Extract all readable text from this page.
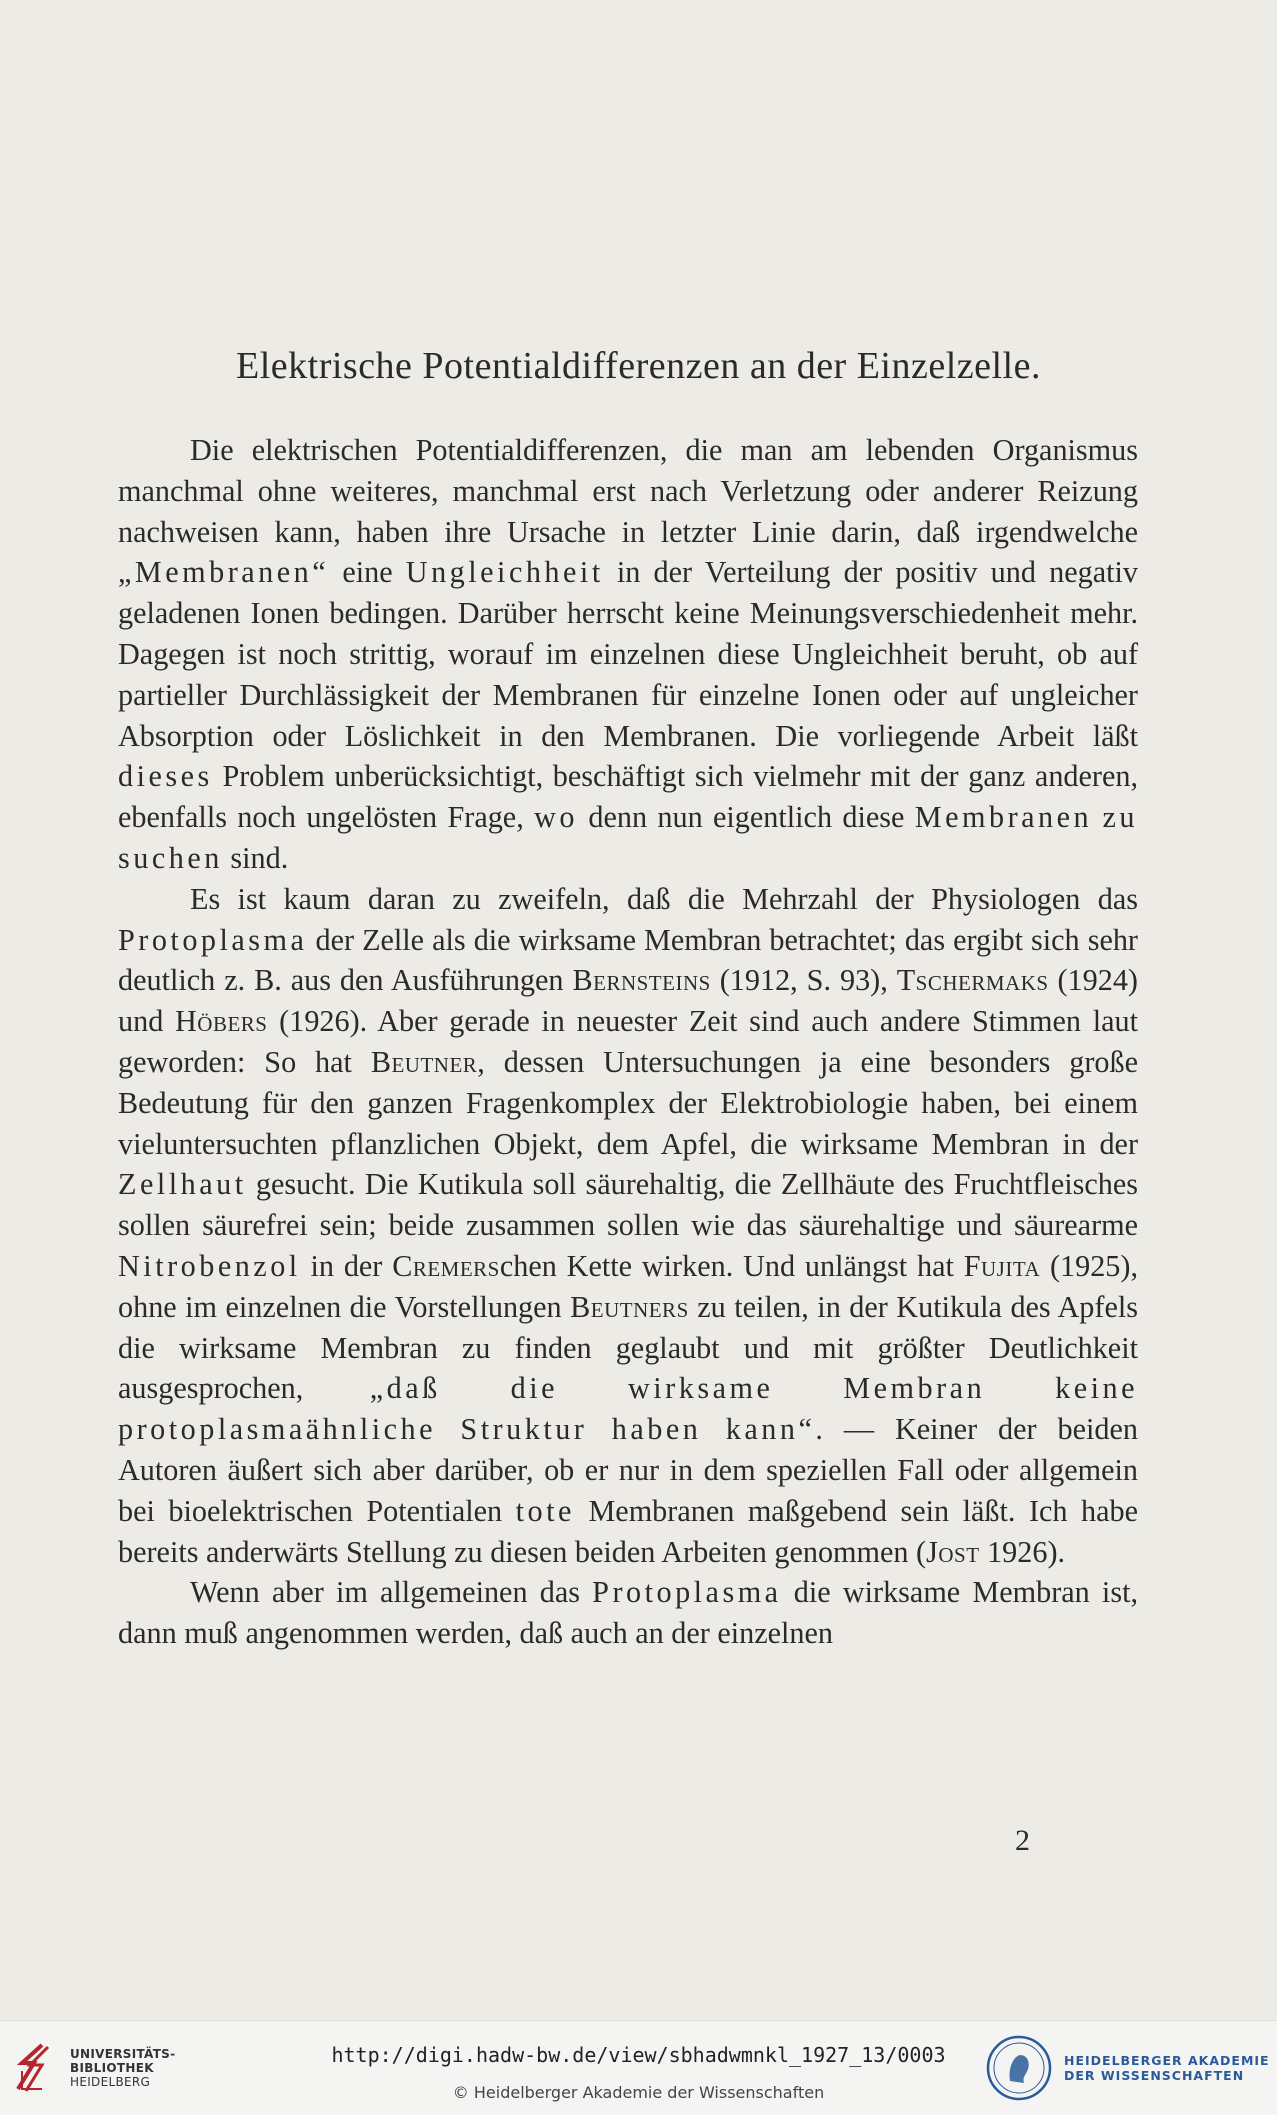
Elektrische Potentialdifferenzen an der Einzelzelle.

Die elektrischen Potentialdifferenzen, die man am lebenden Organismus manchmal ohne weiteres, manchmal erst nach Verletzung oder anderer Reizung nachweisen kann, haben ihre Ursache in letzter Linie darin, daß irgendwelche „Membranen“ eine Ungleichheit in der Verteilung der positiv und negativ geladenen Ionen bedingen. Darüber herrscht keine Meinungsverschiedenheit mehr. Dagegen ist noch strittig, worauf im einzelnen diese Ungleichheit beruht, ob auf partieller Durchlässigkeit der Membranen für einzelne Ionen oder auf ungleicher Absorption oder Löslichkeit in den Membranen. Die vorliegende Arbeit läßt dieses Problem unberücksichtigt, beschäftigt sich vielmehr mit der ganz anderen, ebenfalls noch ungelösten Frage, wo denn nun eigentlich diese Membranen zu suchen sind.

Es ist kaum daran zu zweifeln, daß die Mehrzahl der Physiologen das Protoplasma der Zelle als die wirksame Membran betrachtet; das ergibt sich sehr deutlich z. B. aus den Ausführungen Bernsteins (1912, S. 93), Tschermaks (1924) und Höbers (1926). Aber gerade in neuester Zeit sind auch andere Stimmen laut geworden: So hat Beutner, dessen Untersuchungen ja eine besonders große Bedeutung für den ganzen Fragenkomplex der Elektrobiologie haben, bei einem vieluntersuchten pflanzlichen Objekt, dem Apfel, die wirksame Membran in der Zellhaut gesucht. Die Kutikula soll säurehaltig, die Zellhäute des Fruchtfleisches sollen säurefrei sein; beide zusammen sollen wie das säurehaltige und säurearme Nitrobenzol in der Cremerschen Kette wirken. Und unlängst hat Fujita (1925), ohne im einzelnen die Vorstellungen Beutners zu teilen, in der Kutikula des Apfels die wirksame Membran zu finden geglaubt und mit größter Deutlichkeit ausgesprochen, „daß die wirksame Membran keine protoplasmaähnliche Struktur haben kann“. — Keiner der beiden Autoren äußert sich aber darüber, ob er nur in dem speziellen Fall oder allgemein bei bioelektrischen Potentialen tote Membranen maßgebend sein läßt. Ich habe bereits anderwärts Stellung zu diesen beiden Arbeiten genommen (Jost 1926).

Wenn aber im allgemeinen das Protoplasma die wirksame Membran ist, dann muß angenommen werden, daß auch an der einzelnen

2
UNIVERSITÄTS-
BIBLIOTHEK
HEIDELBERG
http://digi.hadw-bw.de/view/sbhadwmnkl_1927_13/0003
© Heidelberger Akademie der Wissenschaften
HEIDELBERGER AKADEMIE
DER WISSENSCHAFTEN
